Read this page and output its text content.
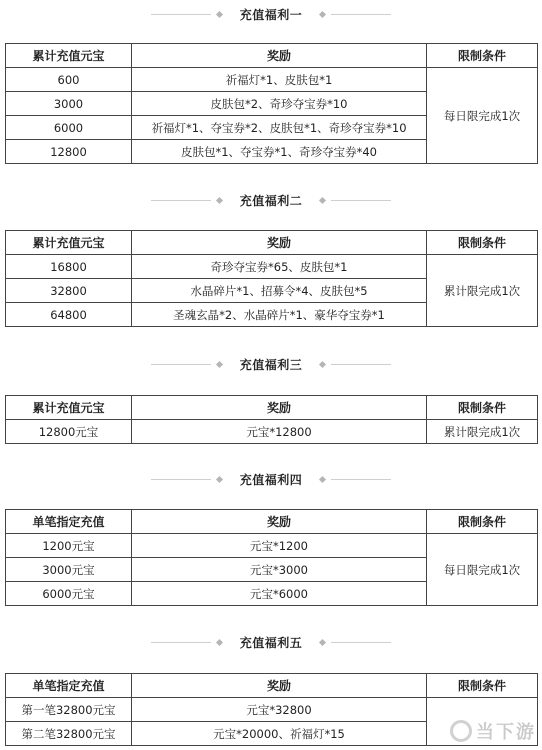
充值福利一
累计充值元宝	奖励	限制条件
600	祈福灯*1、皮肤包*1	每日限完成1次
3000	皮肤包*2、奇珍夺宝券*10	
6000	祈福灯*1、夺宝券*2、皮肤包*1、奇珍夺宝券*10	
12800	皮肤包*1、夺宝券*1、奇珍夺宝券*40	
充值福利二
累计充值元宝	奖励	限制条件
16800	奇珍夺宝券*65、皮肤包*1	累计限完成1次
32800	水晶碎片*1、招募令*4、皮肤包*5	
64800	圣魂玄晶*2、水晶碎片*1、豪华夺宝券*1	
充值福利三
累计充值元宝	奖励	限制条件
12800元宝	元宝*12800	累计限完成1次
充值福利四
单笔指定充值	奖励	限制条件
1200元宝	元宝*1200	每日限完成1次
3000元宝	元宝*3000	
6000元宝	元宝*6000	
充值福利五
单笔指定充值	奖励	限制条件
第一笔32800元宝	元宝*32800	
第二笔32800元宝	元宝*20000、祈福灯*15		当下游
